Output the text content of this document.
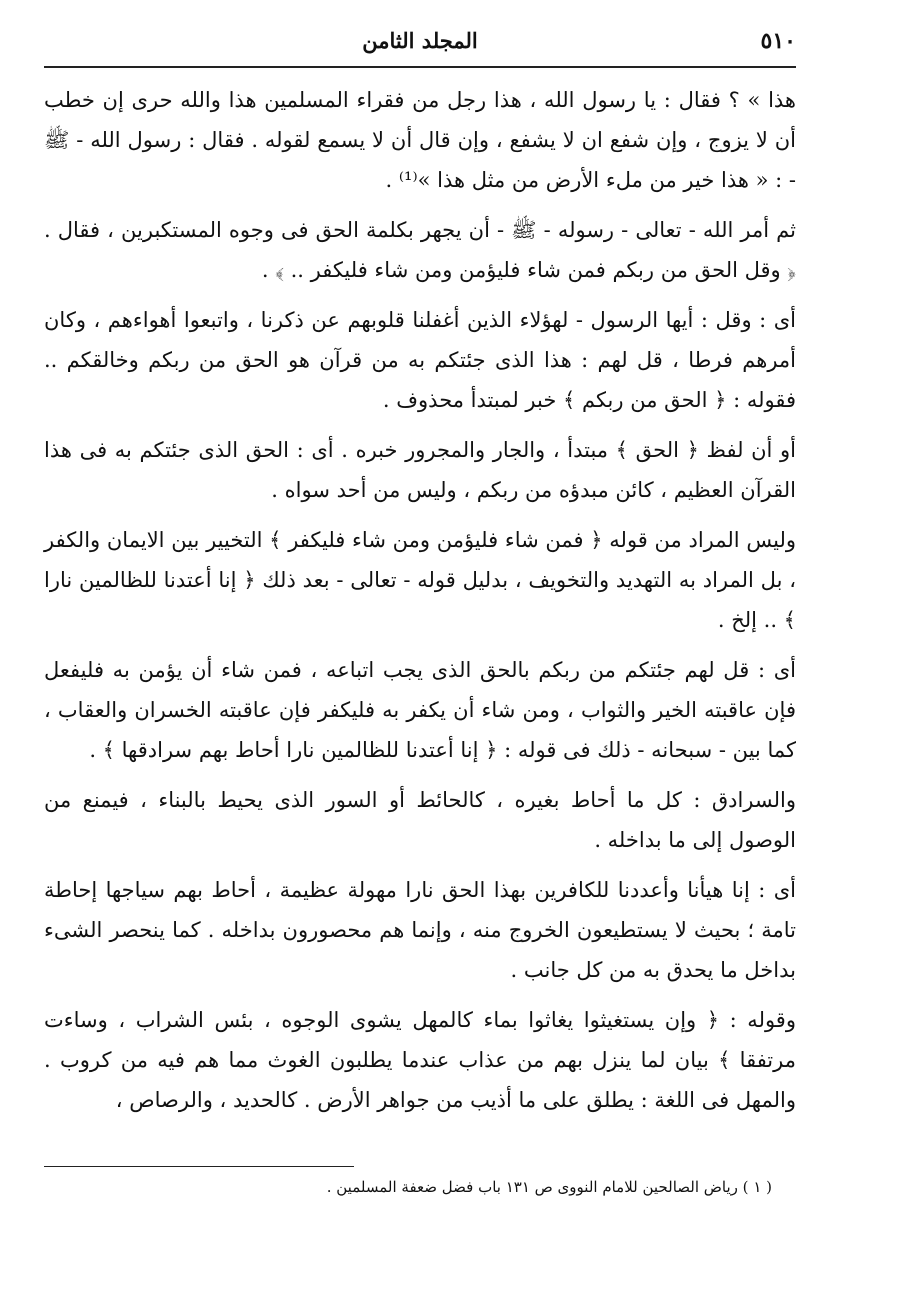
٥١٠
المجلد الثامن

هذا » ؟ فقال : يا رسول الله ، هذا رجل من فقراء المسلمين هذا والله حرى إن خطب أن لا يزوج ، وإن شفع ان لا يشفع ، وإن قال أن لا يسمع لقوله . فقال : رسول الله - ﷺ - : « هذا خير من ملء الأرض من مثل هذا »⁽¹⁾ .

ثم أمر الله - تعالى - رسوله - ﷺ - أن يجهر بكلمة الحق فى وجوه المستكبرين ، فقال . ﴿ وقل الحق من ربكم فمن شاء فليؤمن ومن شاء فليكفر .. ﴾ .

أى : وقل : أيها الرسول - لهؤلاء الذين أغفلنا قلوبهم عن ذكرنا ، واتبعوا أهواءهم ، وكان أمرهم فرطا ، قل لهم : هذا الذى جئتكم به من قرآن هو الحق من ربكم وخالقكم .. فقوله : ﴿ الحق من ربكم ﴾ خبر لمبتدأ محذوف .

أو أن لفظ ﴿ الحق ﴾ مبتدأ ، والجار والمجرور خبره . أى : الحق الذى جئتكم به فى هذا القرآن العظيم ، كائن مبدؤه من ربكم ، وليس من أحد سواه .

وليس المراد من قوله ﴿ فمن شاء فليؤمن ومن شاء فليكفر ﴾ التخيير بين الايمان والكفر ، بل المراد به التهديد والتخويف ، بدليل قوله - تعالى - بعد ذلك ﴿ إنا أعتدنا للظالمين نارا ﴾ .. إلخ .

أى : قل لهم جئتكم من ربكم بالحق الذى يجب اتباعه ، فمن شاء أن يؤمن به فليفعل فإن عاقبته الخير والثواب ، ومن شاء أن يكفر به فليكفر فإن عاقبته الخسران والعقاب ، كما بين - سبحانه - ذلك فى قوله : ﴿ إنا أعتدنا للظالمين نارا أحاط بهم سرادقها ﴾ .

والسرادق : كل ما أحاط بغيره ، كالحائط أو السور الذى يحيط بالبناء ، فيمنع من الوصول إلى ما بداخله .

أى : إنا هيأنا وأعددنا للكافرين بهذا الحق نارا مهولة عظيمة ، أحاط بهم سياجها إحاطة تامة ؛ بحيث لا يستطيعون الخروج منه ، وإنما هم محصورون بداخله . كما ينحصر الشىء بداخل ما يحدق به من كل جانب .

وقوله : ﴿ وإن يستغيثوا يغاثوا بماء كالمهل يشوى الوجوه ، بئس الشراب ، وساءت مرتفقا ﴾ بيان لما ينزل بهم من عذاب عندما يطلبون الغوث مما هم فيه من كروب . والمهل فى اللغة : يطلق على ما أذيب من جواهر الأرض . كالحديد ، والرصاص ،

( ١ ) رياض الصالحين للامام النووى ص ١٣١ باب فضل ضعفة المسلمين .
